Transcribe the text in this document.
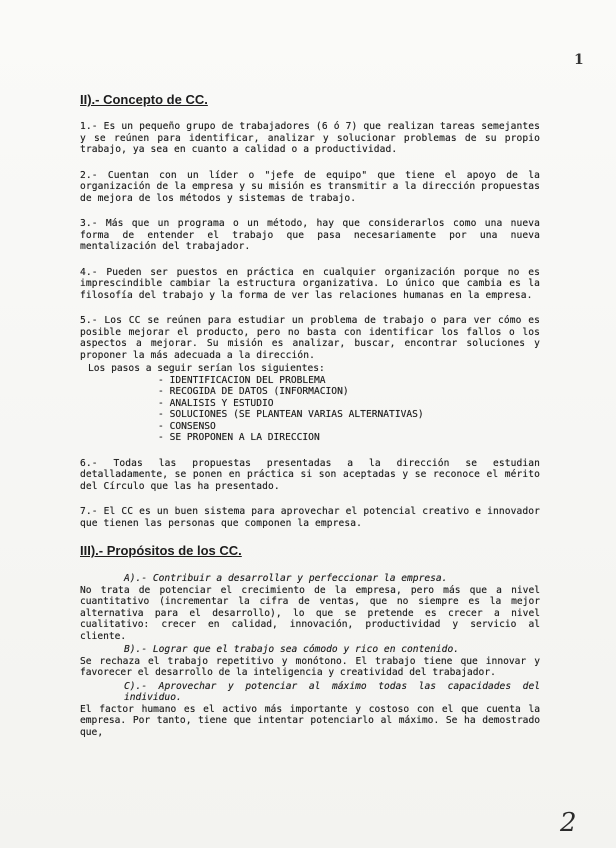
1
II).- Concepto de CC.

1.- Es un pequeño grupo de trabajadores (6 ó 7) que realizan tareas semejantes y se reúnen para identificar, analizar y solucionar problemas de su propio trabajo, ya sea en cuanto a calidad o a productividad.

2.- Cuentan con un líder o "jefe de equipo" que tiene el apoyo de la organización de la empresa y su misión es transmitir a la dirección propuestas de mejora de los métodos y sistemas de trabajo.

3.- Más que un programa o un método, hay que considerarlos como una nueva forma de entender el trabajo que pasa necesariamente por una nueva mentalización del trabajador.

4.- Pueden ser puestos en práctica en cualquier organización porque no es imprescindible cambiar la estructura organizativa. Lo único que cambia es la filosofía del trabajo y la forma de ver las relaciones humanas en la empresa.

5.- Los CC se reúnen para estudiar un problema de trabajo o para ver cómo es posible mejorar el producto, pero no basta con identificar los fallos o los aspectos a mejorar. Su misión es analizar, buscar, encontrar soluciones y proponer la más adecuada a la dirección.

Los pasos a seguir serían los siguientes:
- IDENTIFICACION DEL PROBLEMA
- RECOGIDA DE DATOS (INFORMACION)
- ANALISIS Y ESTUDIO
- SOLUCIONES (SE PLANTEAN VARIAS ALTERNATIVAS)
- CONSENSO
- SE PROPONEN A LA DIRECCION

6.- Todas las propuestas presentadas a la dirección se estudian detalladamente, se ponen en práctica si son aceptadas y se reconoce el mérito del Círculo que las ha presentado.

7.- El CC es un buen sistema para aprovechar el potencial creativo e innovador que tienen las personas que componen la empresa.

III).- Propósitos de los CC.
A).- Contribuir a desarrollar y perfeccionar la empresa.
No trata de potenciar el crecimiento de la empresa, pero más que a nivel cuantitativo (incrementar la cifra de ventas, que no siempre es la mejor alternativa para el desarrollo), lo que se pretende es crecer a nivel cualitativo: crecer en calidad, innovación, productividad y servicio al cliente.
B).- Lograr que el trabajo sea cómodo y rico en contenido.
Se rechaza el trabajo repetitivo y monótono. El trabajo tiene que innovar y favorecer el desarrollo de la inteligencia y creatividad del trabajador.
C).- Aprovechar y potenciar al máximo todas las capacidades del individuo.
El factor humano es el activo más importante y costoso con el que cuenta la empresa. Por tanto, tiene que intentar potenciarlo al máximo. Se ha demostrado que,
2
